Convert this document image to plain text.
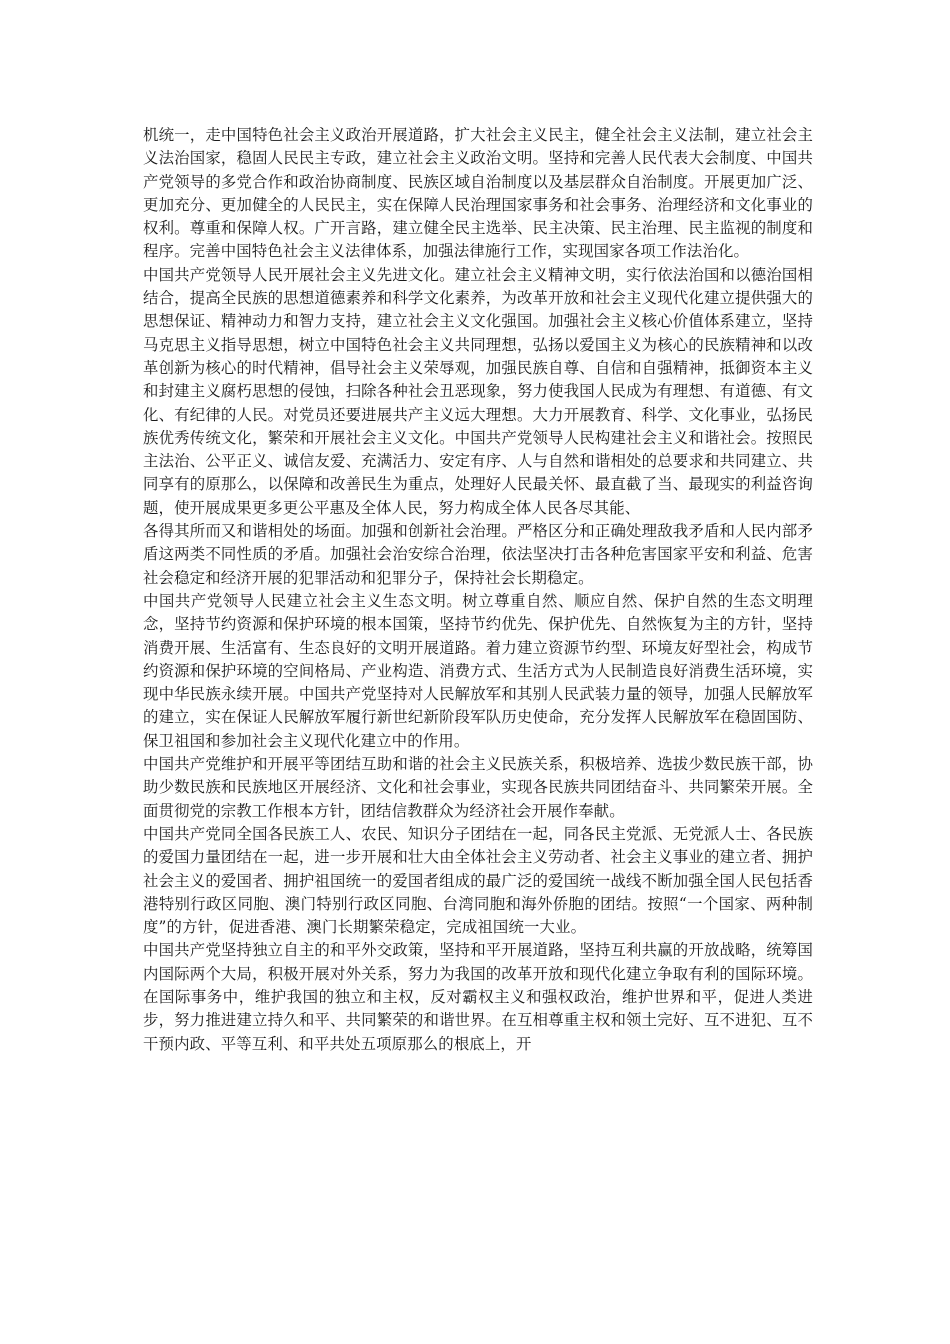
机统一，走中国特色社会主义政治开展道路，扩大社会主义民主，健全社会主义法制，建立社会主义法治国家，稳固人民民主专政，建立社会主义政治文明。坚持和完善人民代表大会制度、中国共产党领导的多党合作和政治协商制度、民族区域自治制度以及基层群众自治制度。开展更加广泛、更加充分、更加健全的人民民主，实在保障人民治理国家事务和社会事务、治理经济和文化事业的权利。尊重和保障人权。广开言路，建立健全民主选举、民主决策、民主治理、民主监视的制度和程序。完善中国特色社会主义法律体系，加强法律施行工作，实现国家各项工作法治化。

中国共产党领导人民开展社会主义先进文化。建立社会主义精神文明，实行依法治国和以德治国相结合，提高全民族的思想道德素养和科学文化素养，为改革开放和社会主义现代化建立提供强大的思想保证、精神动力和智力支持，建立社会主义文化强国。加强社会主义核心价值体系建立，坚持马克思主义指导思想，树立中国特色社会主义共同理想，弘扬以爱国主义为核心的民族精神和以改革创新为核心的时代精神，倡导社会主义荣辱观，加强民族自尊、自信和自强精神，抵御资本主义和封建主义腐朽思想的侵蚀，扫除各种社会丑恶现象，努力使我国人民成为有理想、有道德、有文化、有纪律的人民。对党员还要进展共产主义远大理想。大力开展教育、科学、文化事业，弘扬民族优秀传统文化，繁荣和开展社会主义文化。中国共产党领导人民构建社会主义和谐社会。按照民主法治、公平正义、诚信友爱、充满活力、安定有序、人与自然和谐相处的总要求和共同建立、共同享有的原那么，以保障和改善民生为重点，处理好人民最关怀、最直截了当、最现实的利益咨询题，使开展成果更多更公平惠及全体人民，努力构成全体人民各尽其能、

各得其所而又和谐相处的场面。加强和创新社会治理。严格区分和正确处理敌我矛盾和人民内部矛盾这两类不同性质的矛盾。加强社会治安综合治理，依法坚决打击各种危害国家平安和利益、危害社会稳定和经济开展的犯罪活动和犯罪分子，保持社会长期稳定。

中国共产党领导人民建立社会主义生态文明。树立尊重自然、顺应自然、保护自然的生态文明理念，坚持节约资源和保护环境的根本国策，坚持节约优先、保护优先、自然恢复为主的方针，坚持消费开展、生活富有、生态良好的文明开展道路。着力建立资源节约型、环境友好型社会，构成节约资源和保护环境的空间格局、产业构造、消费方式、生活方式为人民制造良好消费生活环境，实现中华民族永续开展。中国共产党坚持对人民解放军和其别人民武装力量的领导，加强人民解放军的建立，实在保证人民解放军履行新世纪新阶段军队历史使命，充分发挥人民解放军在稳固国防、保卫祖国和参加社会主义现代化建立中的作用。

中国共产党维护和开展平等团结互助和谐的社会主义民族关系，积极培养、选拔少数民族干部，协助少数民族和民族地区开展经济、文化和社会事业，实现各民族共同团结奋斗、共同繁荣开展。全面贯彻党的宗教工作根本方针，团结信教群众为经济社会开展作奉献。

中国共产党同全国各民族工人、农民、知识分子团结在一起，同各民主党派、无党派人士、各民族的爱国力量团结在一起，进一步开展和壮大由全体社会主义劳动者、社会主义事业的建立者、拥护社会主义的爱国者、拥护祖国统一的爱国者组成的最广泛的爱国统一战线不断加强全国人民包括香港特别行政区同胞、澳门特别行政区同胞、台湾同胞和海外侨胞的团结。按照“一个国家、两种制度”的方针，促进香港、澳门长期繁荣稳定，完成祖国统一大业。

中国共产党坚持独立自主的和平外交政策，坚持和平开展道路，坚持互利共赢的开放战略，统筹国内国际两个大局，积极开展对外关系，努力为我国的改革开放和现代化建立争取有利的国际环境。在国际事务中，维护我国的独立和主权，反对霸权主义和强权政治，维护世界和平，促进人类进步，努力推进建立持久和平、共同繁荣的和谐世界。在互相尊重主权和领土完好、互不进犯、互不干预内政、平等互利、和平共处五项原那么的根底上，开
